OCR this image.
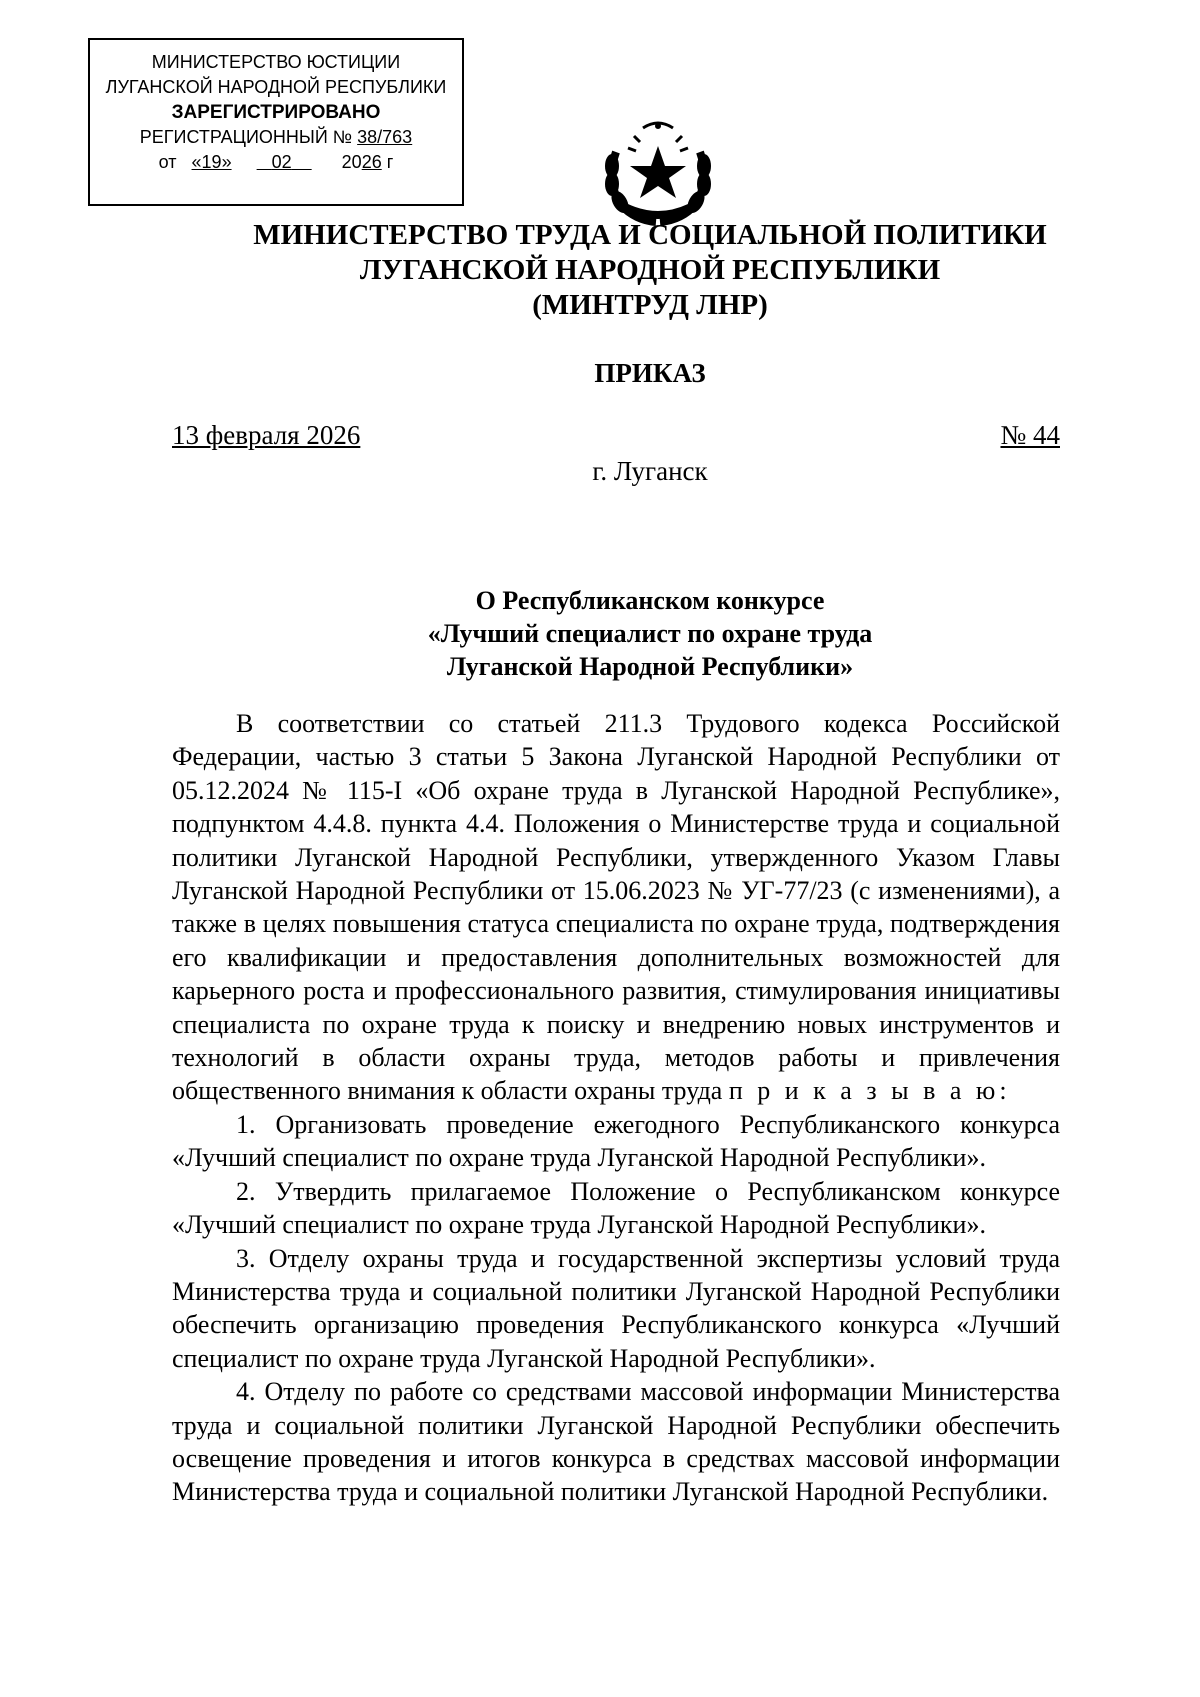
МИНИСТЕРСТВО ЮСТИЦИИ
ЛУГАНСКОЙ НАРОДНОЙ РЕСПУБЛИКИ
ЗАРЕГИСТРИРОВАНО
РЕГИСТРАЦИОННЫЙ № 38/763
от «19» 02	2026 г
МИНИСТЕРСТВО ТРУДА И СОЦИАЛЬНОЙ ПОЛИТИКИ
ЛУГАНСКОЙ НАРОДНОЙ РЕСПУБЛИКИ
(МИНТРУД ЛНР)
ПРИКАЗ
13 февраля 2026	№ 44
г. Луганск
О Республиканском конкурсе
«Лучший специалист по охране труда
Луганской Народной Республики»

В соответствии со статьей 211.3 Трудового кодекса Российской Федерации, частью 3 статьи 5 Закона Луганской Народной Республики от 05.12.2024 № 115-I «Об охране труда в Луганской Народной Республике», подпунктом 4.4.8. пункта 4.4. Положения о Министерстве труда и социальной политики Луганской Народной Республики, утвержденного Указом Главы Луганской Народной Республики от 15.06.2023 № УГ-77/23 (с изменениями), а также в целях повышения статуса специалиста по охране труда, подтверждения его квалификации и предоставления дополнительных возможностей для карьерного роста и профессионального развития, стимулирования инициативы специалиста по охране труда к поиску и внедрению новых инструментов и технологий в области охраны труда, методов работы и привлечения общественного внимания к области охраны труда п р и к а з ы в а ю:

1. Организовать проведение ежегодного Республиканского конкурса «Лучший специалист по охране труда Луганской Народной Республики».

2. Утвердить прилагаемое Положение о Республиканском конкурсе «Лучший специалист по охране труда Луганской Народной Республики».

3. Отделу охраны труда и государственной экспертизы условий труда Министерства труда и социальной политики Луганской Народной Республики обеспечить организацию проведения Республиканского конкурса «Лучший специалист по охране труда Луганской Народной Республики».

4. Отделу по работе со средствами массовой информации Министерства труда и социальной политики Луганской Народной Республики обеспечить освещение проведения и итогов конкурса в средствах массовой информации Министерства труда и социальной политики Луганской Народной Республики.
